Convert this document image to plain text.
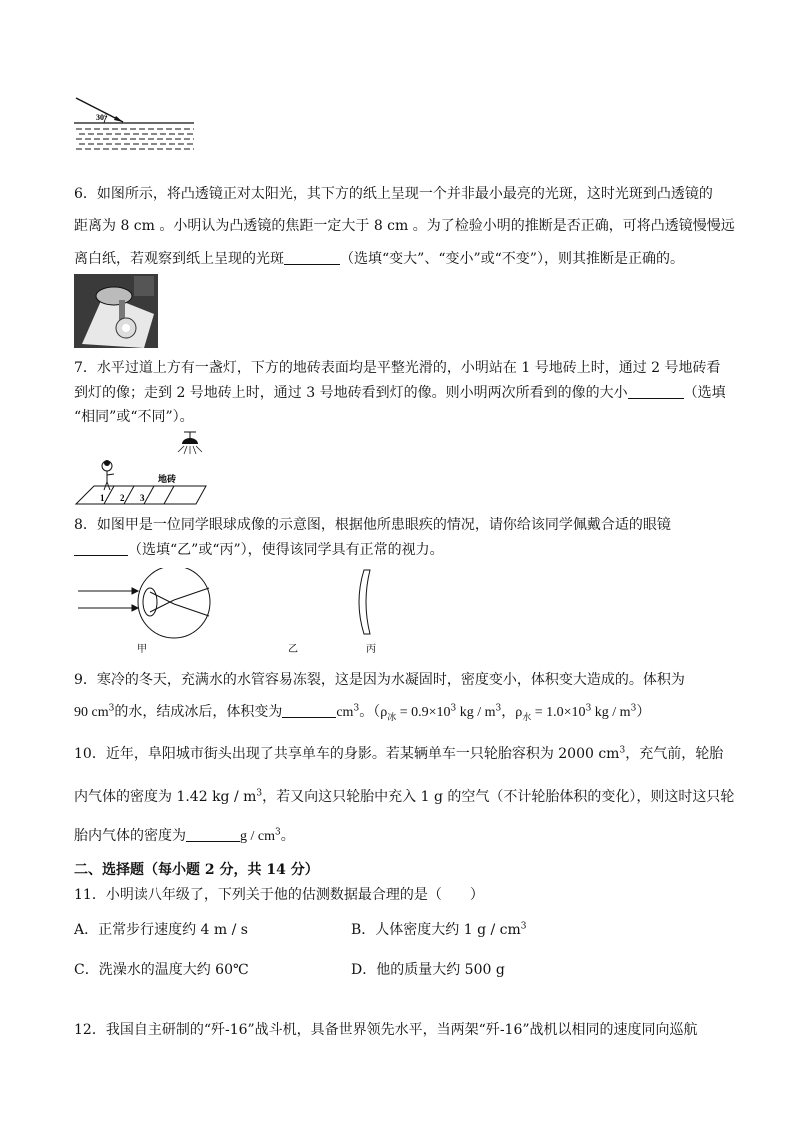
30°
6．如图所示，将凸透镜正对太阳光，其下方的纸上呈现一个并非最小最亮的光斑，这时光斑到凸透镜的
距离为 8 cm 。小明认为凸透镜的焦距一定大于 8 cm 。为了检验小明的推断是否正确，可将凸透镜慢慢远
离白纸，若观察到纸上呈现的光斑	（选填“变大”、“变小”或“不变”），则其推断是正确的。
7．水平过道上方有一盏灯，下方的地砖表面均是平整光滑的，小明站在 1 号地砖上时，通过 2 号地砖看
到灯的像；走到 2 号地砖上时，通过 3 号地砖看到灯的像。则小明两次所看到的像的大小	（选填
“相同”或“不同”）。
地砖
1 2 3
8．如图甲是一位同学眼球成像的示意图，根据他所患眼疾的情况，请你给该同学佩戴合适的眼镜
（选填“乙”或“丙”），使得该同学具有正常的视力。
甲	乙	丙
9．寒冷的冬天，充满水的水管容易冻裂，这是因为水凝固时，密度变小，体积变大造成的。体积为
90 $cm^3$的水，结成冰后，体积变为	$cm^3$。（$\rho_冰 = 0.9\times 10^3$ kg / $m^3$，$\rho_水 = 1.0\times 10^3$ kg / $m^3$）
10．近年，阜阳城市街头出现了共享单车的身影。若某辆单车一只轮胎容积为 2000 $cm^3$，充气前，轮胎
内气体的密度为 1.42 kg / $m^3$，若又向这只轮胎中充入 1 g 的空气（不计轮胎体积的变化），则这时这只轮
胎内气体的密度为	g / $cm^3$。
二、选择题（每小题 2 分，共 14 分）
11．小明读八年级了，下列关于他的估测数据最合理的是（　　）
A．正常步行速度约 4 m / s	B．人体密度大约 1 g / $cm^3$
C．洗澡水的温度大约 60℃	D．他的质量大约 500 g
12．我国自主研制的“歼-16”战斗机，具备世界领先水平，当两架“歼-16”战机以相同的速度同向巡航
